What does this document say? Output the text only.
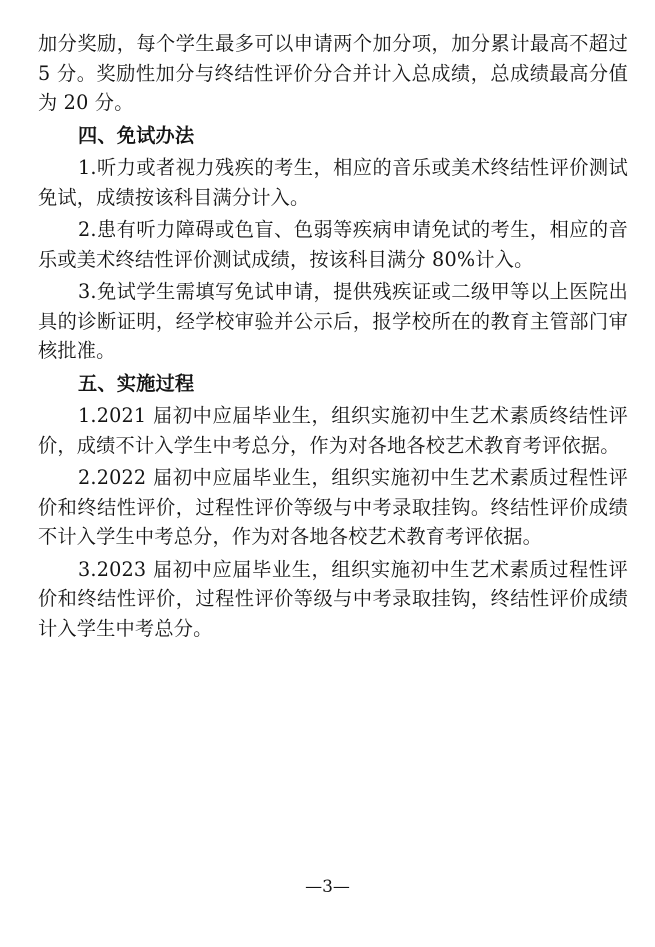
加分奖励，每个学生最多可以申请两个加分项，加分累计最高不超过 5 分。奖励性加分与终结性评价分合并计入总成绩，总成绩最高分值为 20 分。

四、免试办法

1.听力或者视力残疾的考生，相应的音乐或美术终结性评价测试免试，成绩按该科目满分计入。

2.患有听力障碍或色盲、色弱等疾病申请免试的考生，相应的音乐或美术终结性评价测试成绩，按该科目满分 80%计入。

3.免试学生需填写免试申请，提供残疾证或二级甲等以上医院出具的诊断证明，经学校审验并公示后，报学校所在的教育主管部门审核批准。

五、实施过程

1.2021 届初中应届毕业生，组织实施初中生艺术素质终结性评价，成绩不计入学生中考总分，作为对各地各校艺术教育考评依据。

2.2022 届初中应届毕业生，组织实施初中生艺术素质过程性评价和终结性评价，过程性评价等级与中考录取挂钩。终结性评价成绩不计入学生中考总分，作为对各地各校艺术教育考评依据。

3.2023 届初中应届毕业生，组织实施初中生艺术素质过程性评价和终结性评价，过程性评价等级与中考录取挂钩，终结性评价成绩计入学生中考总分。

—3—
